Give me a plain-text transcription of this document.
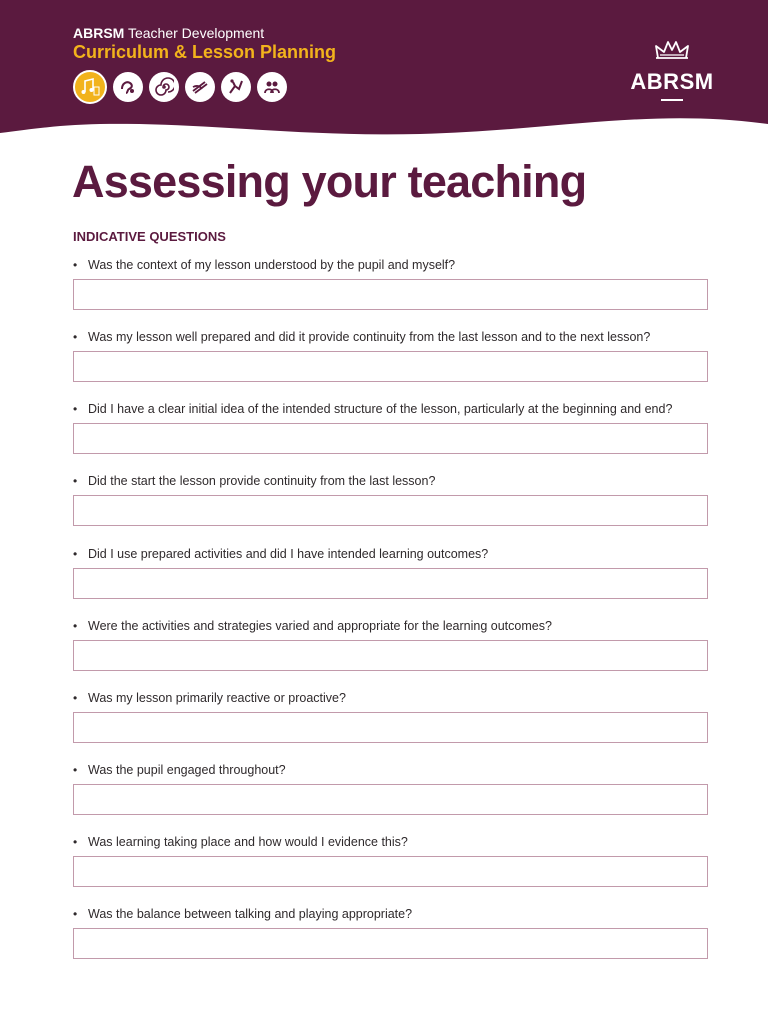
ABRSM Teacher Development
Curriculum & Lesson Planning
ABRSM
Assessing your teaching
INDICATIVE QUESTIONS
• Was the context of my lesson understood by the pupil and myself?
• Was my lesson well prepared and did it provide continuity from the last lesson and to the next lesson?
• Did I have a clear initial idea of the intended structure of the lesson, particularly at the beginning and end?
• Did the start the lesson provide continuity from the last lesson?
• Did I use prepared activities and did I have intended learning outcomes?
• Were the activities and strategies varied and appropriate for the learning outcomes?
• Was my lesson primarily reactive or proactive?
• Was the pupil engaged throughout?
• Was learning taking place and how would I evidence this?
• Was the balance between talking and playing appropriate?
